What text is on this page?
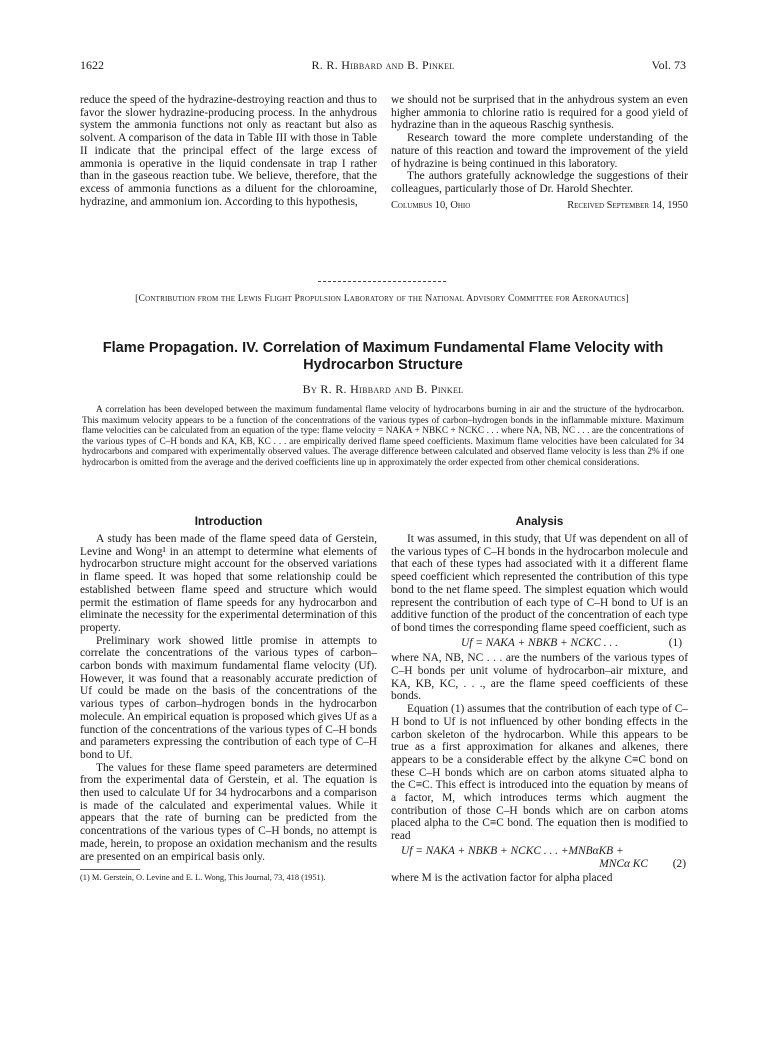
1622	R. R. Hibbard and B. Pinkel	Vol. 73

reduce the speed of the hydrazine-destroying reaction and thus to favor the slower hydrazine-producing process. In the anhydrous system the ammonia functions not only as reactant but also as solvent. A comparison of the data in Table III with those in Table II indicate that the principal effect of the large excess of ammonia is operative in the liquid condensate in trap I rather than in the gaseous reaction tube. We believe, therefore, that the excess of ammonia functions as a diluent for the chloroamine, hydrazine, and ammonium ion. According to this hypothesis,

we should not be surprised that in the anhydrous system an even higher ammonia to chlorine ratio is required for a good yield of hydrazine than in the aqueous Raschig synthesis.

Research toward the more complete understanding of the nature of this reaction and toward the improvement of the yield of hydrazine is being continued in this laboratory.

The authors gratefully acknowledge the suggestions of their colleagues, particularly those of Dr. Harold Shechter.

Columbus 10, Ohio	Received September 14, 1950
[Contribution from the Lewis Flight Propulsion Laboratory of the National Advisory Committee for Aeronautics]
Flame Propagation. IV. Correlation of Maximum Fundamental Flame Velocity with
Hydrocarbon Structure
By R. R. Hibbard and B. Pinkel
A correlation has been developed between the maximum fundamental flame velocity of hydrocarbons burning in air and the structure of the hydrocarbon. This maximum velocity appears to be a function of the concentrations of the various types of carbon–hydrogen bonds in the inflammable mixture. Maximum flame velocities can be calculated from an equation of the type: flame velocity = NAKA + NBKC + NCKC . . . where NA, NB, NC . . . are the concentrations of the various types of C–H bonds and KA, KB, KC . . . are empirically derived flame speed coefficients. Maximum flame velocities have been calculated for 34 hydrocarbons and compared with experimentally observed values. The average difference between calculated and observed flame velocity is less than 2% if one hydrocarbon is omitted from the average and the derived coefficients line up in approximately the order expected from other chemical considerations.
Introduction	Analysis

A study has been made of the flame speed data of Gerstein, Levine and Wong¹ in an attempt to determine what elements of hydrocarbon structure might account for the observed variations in flame speed. It was hoped that some relationship could be established between flame speed and structure which would permit the estimation of flame speeds for any hydrocarbon and eliminate the necessity for the experimental determination of this property.

Preliminary work showed little promise in attempts to correlate the concentrations of the various types of carbon–carbon bonds with maximum fundamental flame velocity (Uf). However, it was found that a reasonably accurate prediction of Uf could be made on the basis of the concentrations of the various types of carbon–hydrogen bonds in the hydrocarbon molecule. An empirical equation is proposed which gives Uf as a function of the concentrations of the various types of C–H bonds and parameters expressing the contribution of each type of C–H bond to Uf.

The values for these flame speed parameters are determined from the experimental data of Gerstein, et al. The equation is then used to calculate Uf for 34 hydrocarbons and a comparison is made of the calculated and experimental values. While it appears that the rate of burning can be predicted from the concentrations of the various types of C–H bonds, no attempt is made, herein, to propose an oxidation mechanism and the results are presented on an empirical basis only.

(1) M. Gerstein, O. Levine and E. L. Wong, This Journal, 73, 418 (1951).

It was assumed, in this study, that Uf was dependent on all of the various types of C–H bonds in the hydrocarbon molecule and that each of these types had associated with it a different flame speed coefficient which represented the contribution of this type bond to the net flame speed. The simplest equation which would represent the contribution of each type of C–H bond to Uf is an additive function of the product of the concentration of each type of bond times the corresponding flame speed coefficient, such as

Uf = NAKA + NBKB + NCKC . . .	(1)

where NA, NB, NC . . . are the numbers of the various types of C–H bonds per unit volume of hydrocarbon–air mixture, and KA, KB, KC, . . ., are the flame speed coefficients of these bonds.

Equation (1) assumes that the contribution of each type of C–H bond to Uf is not influenced by other bonding effects in the carbon skeleton of the hydrocarbon. While this appears to be true as a first approximation for alkanes and alkenes, there appears to be a considerable effect by the alkyne C≡C bond on these C–H bonds which are on carbon atoms situated alpha to the C≡C. This effect is introduced into the equation by means of a factor, M, which introduces terms which augment the contribution of those C–H bonds which are on carbon atoms placed alpha to the C≡C bond. The equation then is modified to read

Uf = NAKA + NBKB + NCKC . . . +MNBαKB +
MNCα KC (2)

where M is the activation factor for alpha placed
